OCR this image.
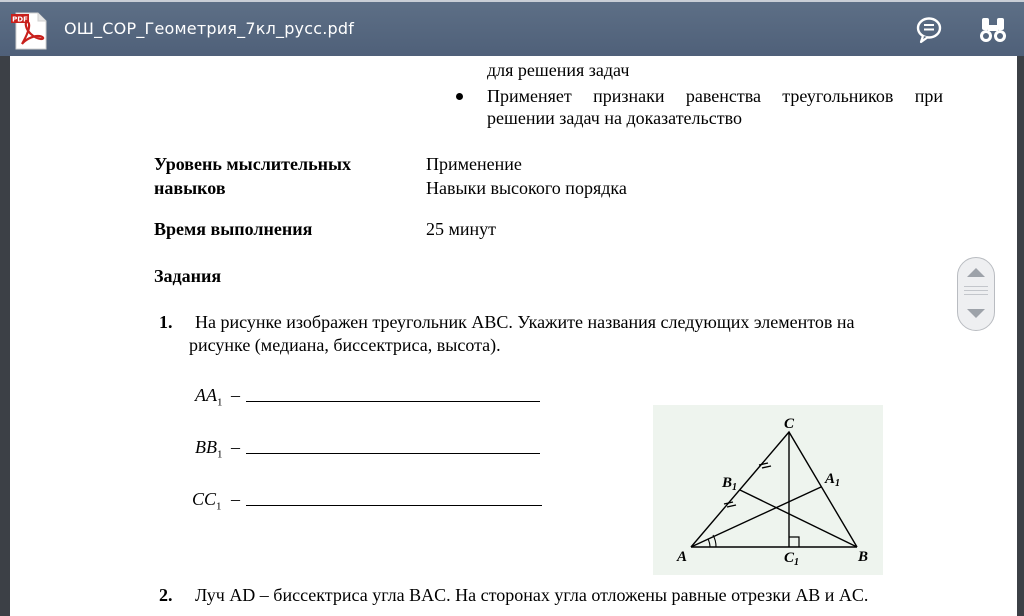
PDF ОШ_СОР_Геометрия_7кл_русс.pdf
для решения задач
Применяет признаки равенства треугольников при
решении задач на доказательство
Уровень мыслительных
навыков
Применение
Навыки высокого порядка
Время выполнения	25 минут
Задания
1. На рисунке изображен треугольник ABC. Укажите названия следующих элементов на
рисунке (медиана, биссектриса, высота).
$AA_1$ –
$BB_1$ –
$CC_1$ –
2. Луч AD – биссектриса угла BAC. На сторонах угла отложены равные отрезки AB и AC.
C
A	B
$B_1$
$A_1$
$C_1$
